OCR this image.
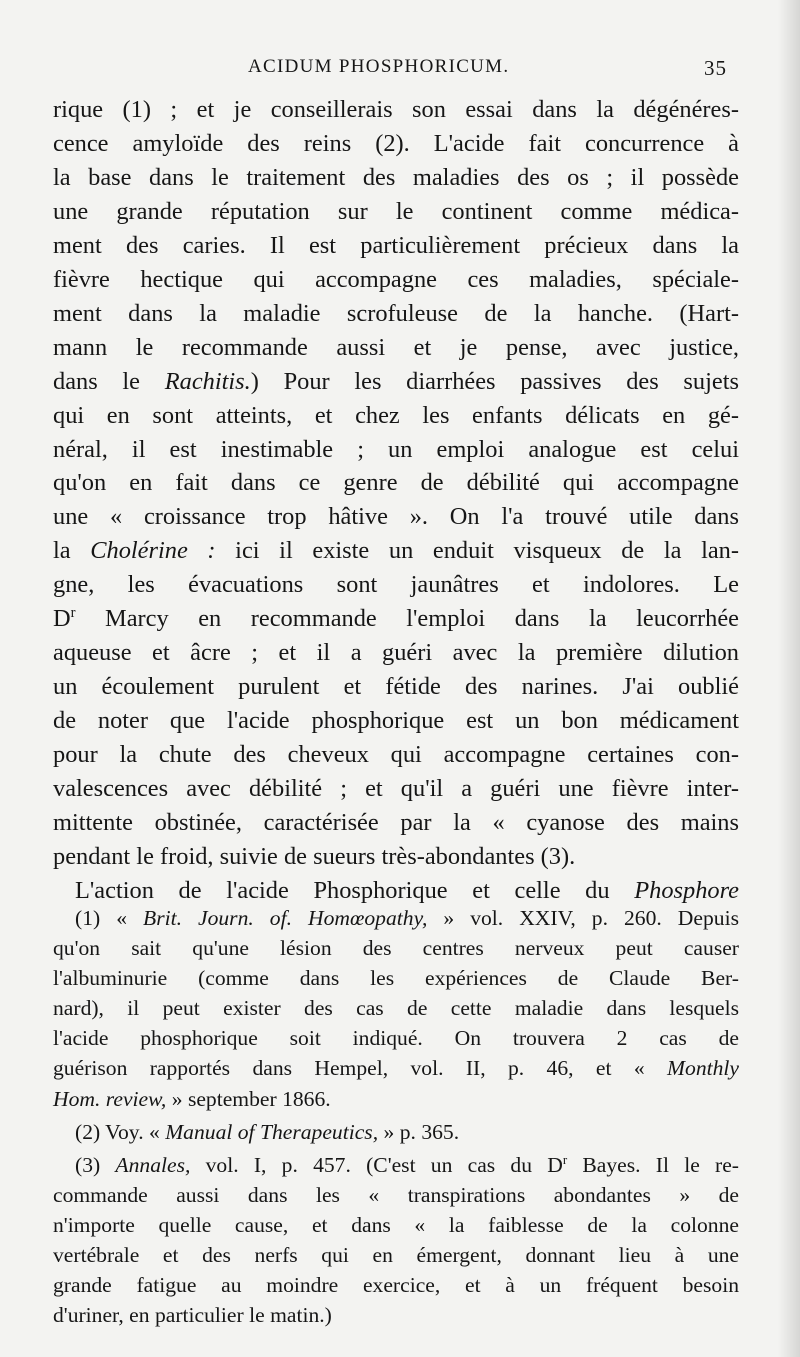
ACIDUM PHOSPHORICUM.	35

rique (1) ; et je conseillerais son essai dans la dégénéres-
cence amyloïde des reins (2). L'acide fait concurrence à
la base dans le traitement des maladies des os ; il possède
une grande réputation sur le continent comme médica-
ment des caries. Il est particulièrement précieux dans la
fièvre hectique qui accompagne ces maladies, spéciale-
ment dans la maladie scrofuleuse de la hanche. (Hart-
mann le recommande aussi et je pense, avec justice,
dans le Rachitis.) Pour les diarrhées passives des sujets
qui en sont atteints, et chez les enfants délicats en gé-
néral, il est inestimable ; un emploi analogue est celui
qu'on en fait dans ce genre de débilité qui accompagne
une « croissance trop hâtive ». On l'a trouvé utile dans
la Cholérine : ici il existe un enduit visqueux de la lan-
gne, les évacuations sont jaunâtres et indolores. Le
$D^r$ Marcy en recommande l'emploi dans la leucorrhée
aqueuse et âcre ; et il a guéri avec la première dilution
un écoulement purulent et fétide des narines. J'ai oublié
de noter que l'acide phosphorique est un bon médicament
pour la chute des cheveux qui accompagne certaines con-
valescences avec débilité ; et qu'il a guéri une fièvre inter-
mittente obstinée, caractérisée par la « cyanose des mains
pendant le froid, suivie de sueurs très-abondantes (3).

L'action de l'acide Phosphorique et celle du Phosphore

(1) « Brit. Journ. of. Homœopathy, » vol. XXIV, p. 260. Depuis
qu'on sait qu'une lésion des centres nerveux peut causer
l'albuminurie (comme dans les expériences de Claude Ber-
nard), il peut exister des cas de cette maladie dans lesquels
l'acide phosphorique soit indiqué. On trouvera 2 cas de
guérison rapportés dans Hempel, vol. II, p. 46, et « Monthly
Hom. review, » september 1866.

(2) Voy. « Manual of Therapeutics, » p. 365.

(3) Annales, vol. I, p. 457. (C'est un cas du $D^r$ Bayes. Il le re-
commande aussi dans les « transpirations abondantes » de
n'importe quelle cause, et dans « la faiblesse de la colonne
vertébrale et des nerfs qui en émergent, donnant lieu à une
grande fatigue au moindre exercice, et à un fréquent besoin
d'uriner, en particulier le matin.)
